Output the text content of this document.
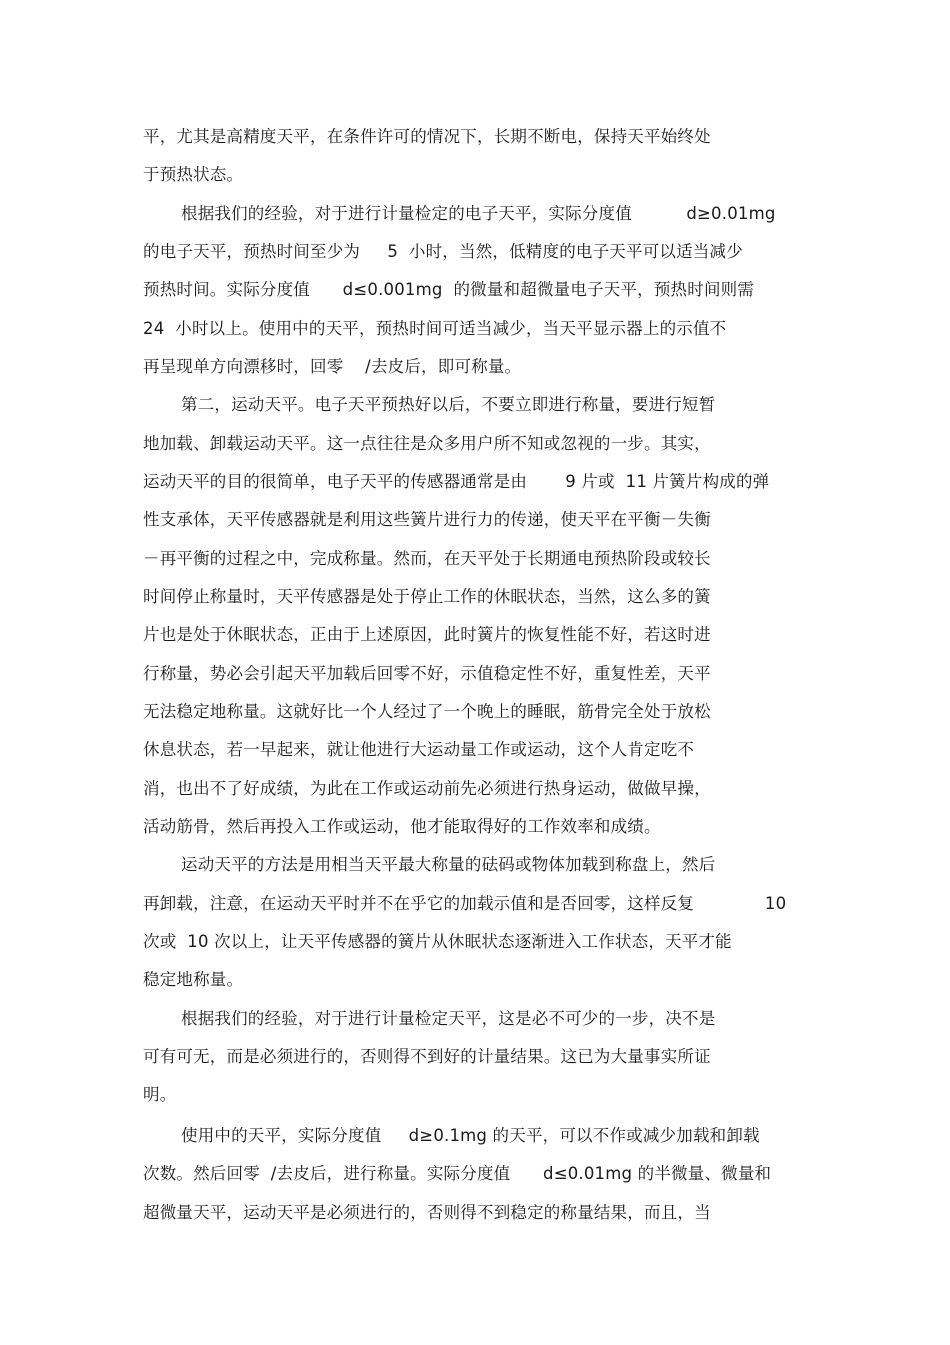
平，尤其是高精度天平，在条件许可的情况下，长期不断电，保持天平始终处
于预热状态。
根据我们的经验，对于进行计量检定的电子天平，实际分度值          d≥0.01mg
的电子天平，预热时间至少为     5  小时，当然，低精度的电子天平可以适当减少
预热时间。实际分度值      d≤0.001mg  的微量和超微量电子天平，预热时间则需
24  小时以上。使用中的天平，预热时间可适当减少，当天平显示器上的示值不
再呈现单方向漂移时，回零    /去皮后，即可称量。
第二，运动天平。电子天平预热好以后，不要立即进行称量，要进行短暂
地加载、卸载运动天平。这一点往往是众多用户所不知或忽视的一步。其实，
运动天平的目的很简单，电子天平的传感器通常是由       9 片或  11 片簧片构成的弹
性支承体，天平传感器就是利用这些簧片进行力的传递，使天平在平衡－失衡
－再平衡的过程之中，完成称量。然而，在天平处于长期通电预热阶段或较长
时间停止称量时，天平传感器是处于停止工作的休眠状态，当然，这么多的簧
片也是处于休眠状态，正由于上述原因，此时簧片的恢复性能不好，若这时进
行称量，势必会引起天平加载后回零不好，示值稳定性不好，重复性差，天平
无法稳定地称量。这就好比一个人经过了一个晚上的睡眠，筋骨完全处于放松
休息状态，若一早起来，就让他进行大运动量工作或运动，这个人肯定吃不
消，也出不了好成绩，为此在工作或运动前先必须进行热身运动，做做早操，
活动筋骨，然后再投入工作或运动，他才能取得好的工作效率和成绩。
运动天平的方法是用相当天平最大称量的砝码或物体加载到称盘上，然后
再卸载，注意，在运动天平时并不在乎它的加载示值和是否回零，这样反复             10
次或  10 次以上，让天平传感器的簧片从休眠状态逐渐进入工作状态，天平才能
稳定地称量。
根据我们的经验，对于进行计量检定天平，这是必不可少的一步，决不是
可有可无，而是必须进行的，否则得不到好的计量结果。这已为大量事实所证
明。
使用中的天平，实际分度值     d≥0.1mg 的天平，可以不作或减少加载和卸载
次数。然后回零  /去皮后，进行称量。实际分度值      d≤0.01mg 的半微量、微量和
超微量天平，运动天平是必须进行的，否则得不到稳定的称量结果，而且，当
